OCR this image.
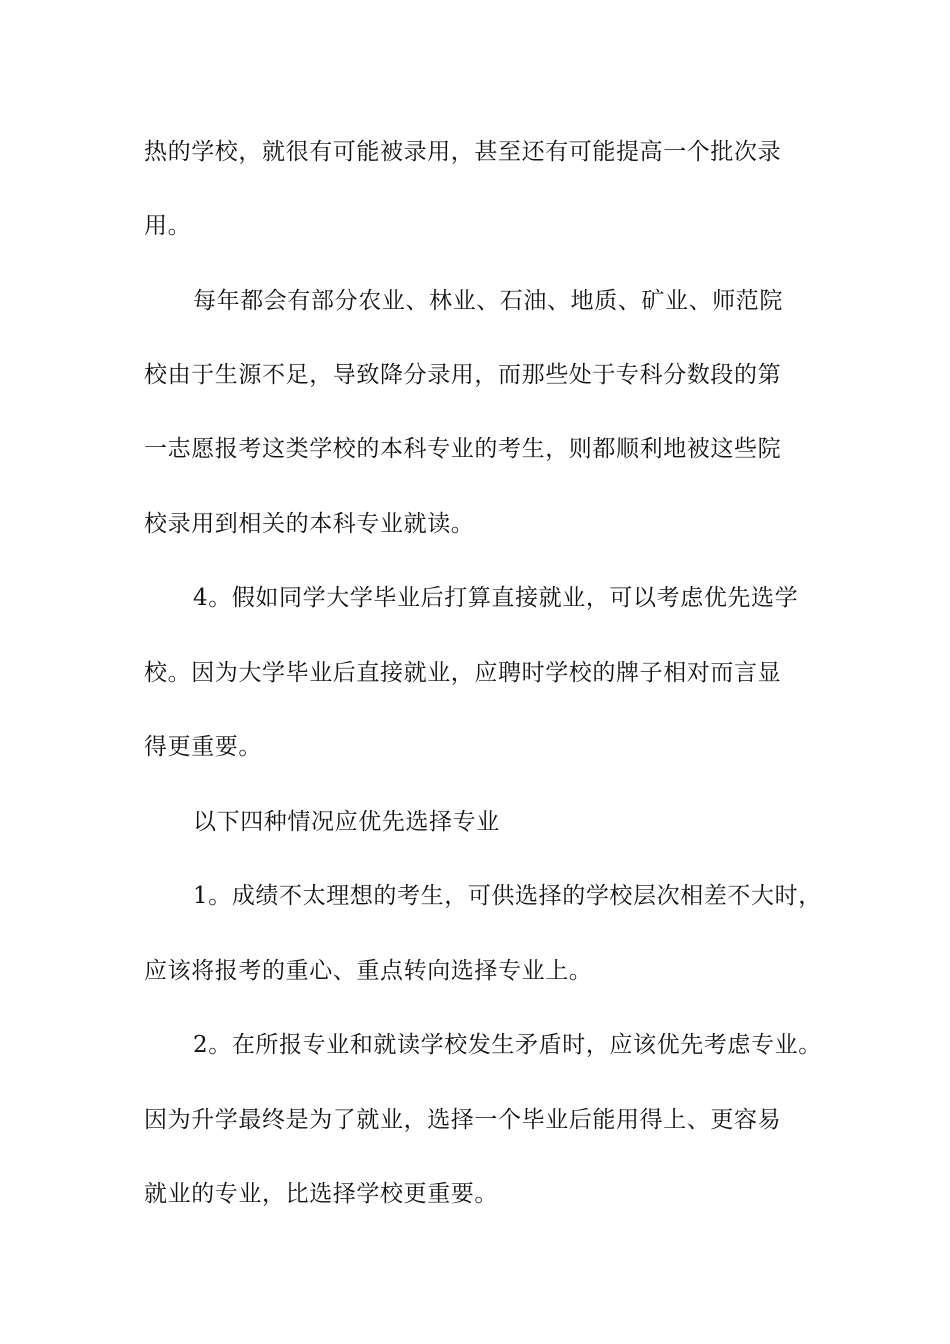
热的学校，就很有可能被录用，甚至还有可能提高一个批次录
用。
每年都会有部分农业、林业、石油、地质、矿业、师范院
校由于生源不足，导致降分录用，而那些处于专科分数段的第
一志愿报考这类学校的本科专业的考生，则都顺利地被这些院
校录用到相关的本科专业就读。
4。假如同学大学毕业后打算直接就业，可以考虑优先选学
校。因为大学毕业后直接就业，应聘时学校的牌子相对而言显
得更重要。
以下四种情况应优先选择专业
1。成绩不太理想的考生，可供选择的学校层次相差不大时，
应该将报考的重心、重点转向选择专业上。
2。在所报专业和就读学校发生矛盾时，应该优先考虑专业。
因为升学最终是为了就业，选择一个毕业后能用得上、更容易
就业的专业，比选择学校更重要。
